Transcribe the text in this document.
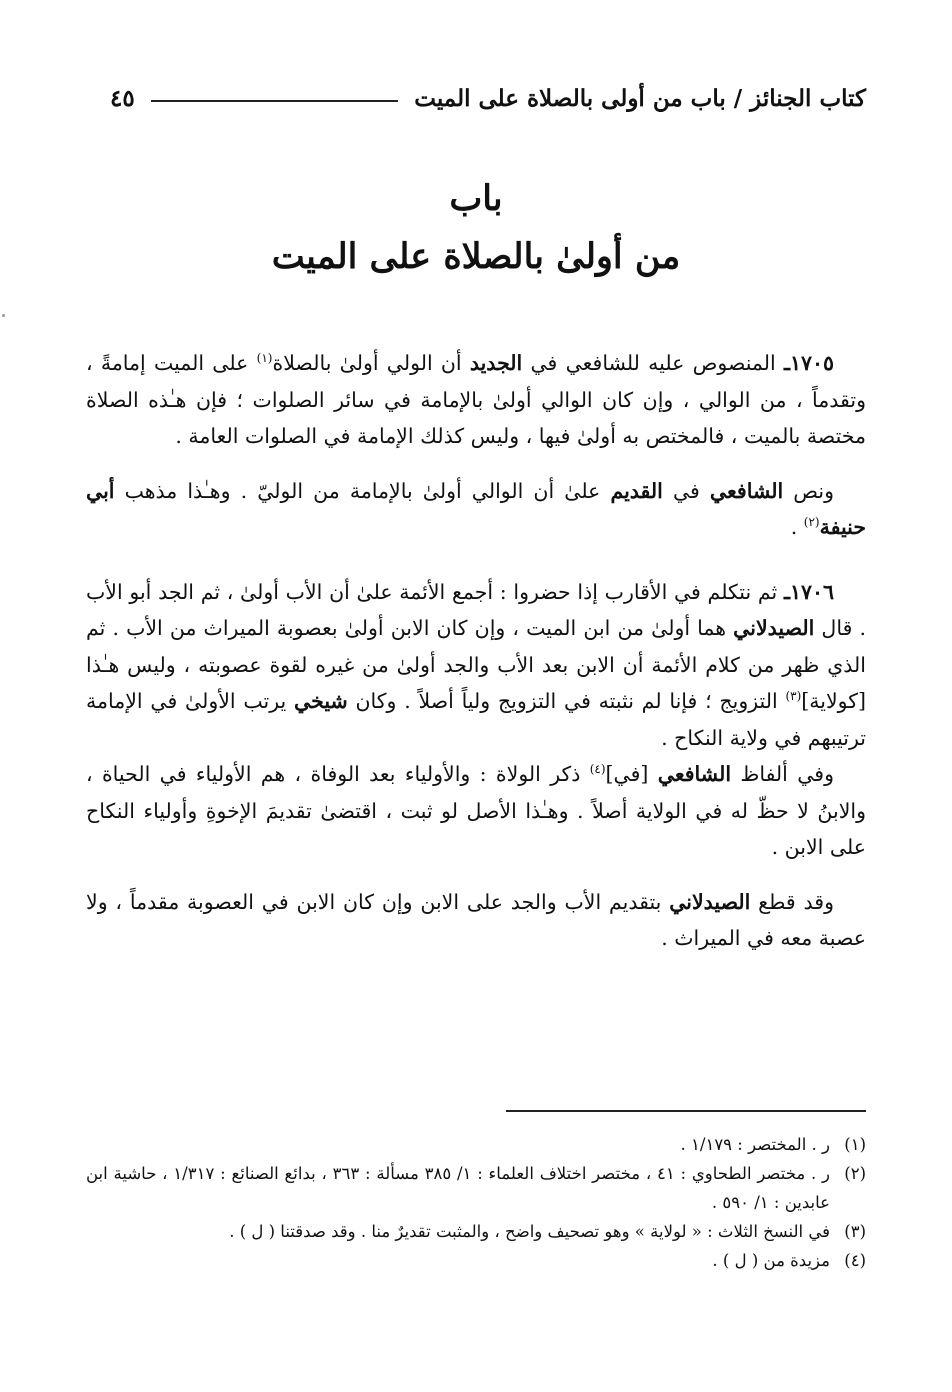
كتاب الجنائز / باب من أولى بالصلاة على الميت
٤٥
باب
من أولىٰ بالصلاة على الميت

١٧٠٥ـ المنصوص عليه للشافعي في الجديد أن الولي أولىٰ بالصلاة$^{(١)}$ على الميت إمامةً ، وتقدماً ، من الوالي ، وإن كان الوالي أولىٰ بالإمامة في سائر الصلوات ؛ فإن هـٰذه الصلاة مختصة بالميت ، فالمختص به أولىٰ فيها ، وليس كذلك الإمامة في الصلوات العامة .

ونص الشافعي في القديم علىٰ أن الوالي أولىٰ بالإمامة من الوليّ . وهـٰذا مذهب أبي حنيفة$^{(٢)}$ .

١٧٠٦ـ ثم نتكلم في الأقارب إذا حضروا : أجمع الأئمة علىٰ أن الأب أولىٰ ، ثم الجد أبو الأب . قال الصيدلاني هما أولىٰ من ابن الميت ، وإن كان الابن أولىٰ بعصوبة الميراث من الأب . ثم الذي ظهر من كلام الأئمة أن الابن بعد الأب والجد أولىٰ من غيره لقوة عصوبته ، وليس هـٰذا [كولاية]$^{(٣)}$ التزويج ؛ فإنا لم نثبته في التزويج ولياً أصلاً . وكان شيخي يرتب الأولىٰ في الإمامة ترتيبهم في ولاية النكاح .

وفي ألفاظ الشافعي [في]$^{(٤)}$ ذكر الولاة : والأولياء بعد الوفاة ، هم الأولياء في الحياة ، والابنُ لا حظّ له في الولاية أصلاً . وهـٰذا الأصل لو ثبت ، اقتضىٰ تقديمَ الإخوةِ وأولياء النكاح على الابن .

وقد قطع الصيدلاني بتقديم الأب والجد على الابن وإن كان الابن في العصوبة مقدماً ، ولا عصبة معه في الميراث .

(١)
ر . المختصر : ١/١٧٩ .
(٢)
ر . مختصر الطحاوي : ٤١ ، مختصر اختلاف العلماء : ١/ ٣٨٥ مسألة : ٣٦٣ ، بدائع الصنائع : ١/٣١٧ ، حاشية ابن عابدين : ١/ ٥٩٠ .
(٣)
في النسخ الثلاث : « لولاية » وهو تصحيف واضح ، والمثبت تقديرٌ منا . وقد صدقتنا ( ل ) .
(٤)
مزيدة من ( ل ) .
